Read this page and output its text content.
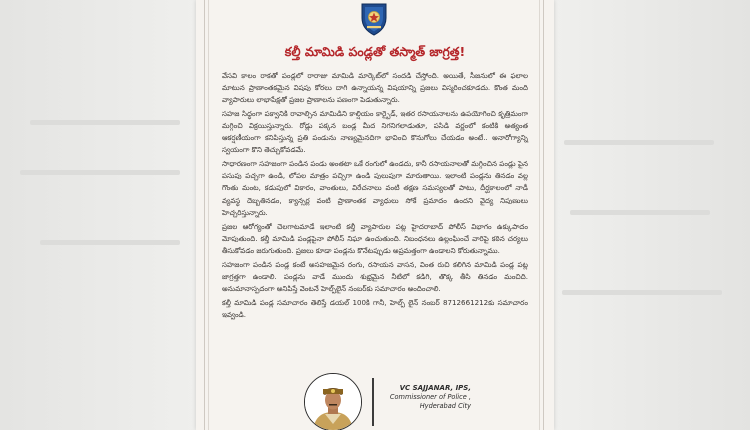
కల్తీ మామిడి పండ్లతో తస్మాత్ జాగ్రత్త!

వేసవి కాలం రాకతో పండ్లలో రారాజు మామిడి మార్కెట్‌లో సందడి చేస్తోంది. అయితే, సీజనులో ఈ ఫలాల మాటున ప్రాణాంతకమైన విషపు కోరలు దాగి ఉన్నాయన్న విషయాన్ని ప్రజలు విస్మరించకూడదు. కొంత మంది వ్యాపారులు లాభాపేక్షతో ప్రజల ప్రాణాలను పణంగా పెడుతున్నారు.

సహజ సిద్ధంగా పక్వానికి రావాల్సిన మామిడిని కాల్షియం కార్బైడ్, ఇతర రసాయనాలను ఉపయోగించి కృత్రిమంగా మగ్గించి విక్రయిస్తున్నారు. రోడ్లు పక్కన బండ్ల మీద నిగనిగలాడుతూ, పసిడి వర్ణంలో కంటికి అత్యంత ఆకర్షణీయంగా కనిపిస్తున్న ప్రతి పండును నాణ్యమైనదిగా భావించి కొనుగోలు చేయడం అంటే.. అనారోగ్యాన్ని స్వయంగా కొని తెచ్చుకోవడమే.

సాధారణంగా సహజంగా పండిన పండు అంతటా ఒకే రంగులో ఉండదు, కానీ రసాయనాలతో మగ్గించిన పండ్లు పైన పసుపు పచ్చగా ఉండి, లోపల మాత్రం పచ్చిగా ఉండి పులుపుగా మారుతాయి. ఇలాంటి పండ్లను తినడం వల్ల గొంతు మంట, కడుపులో వికారం, వాంతులు, విరేచనాలు వంటి తక్షణ సమస్యలతో పాటు, దీర్ఘకాలంలో నాడీ వ్యవస్థ దెబ్బతినడం, క్యాన్సర్ల వంటి ప్రాణాంతక వ్యాధులు సోకే ప్రమాదం ఉందని వైద్య నిపుణులు హెచ్చరిస్తున్నారు.

ప్రజల ఆరోగ్యంతో చెలగాటమాడే ఇలాంటి కల్తీ వ్యాపారుల పట్ల హైదరాబాద్ పోలీస్ విభాగం ఉక్కుపాదం మోపుతుంది. కల్తీ మామిడి పండ్లపైనా పోలీస్ నిఘా ఉంచుతుంది. నిబంధనలు ఉల్లంఘించే వారిపై కఠిన చర్యలు తీసుకోవడం జరుగుతుంది. ప్రజలు కూడా పండ్లను కొనేటప్పుడు అప్రమత్తంగా ఉండాలని కోరుతున్నాము.

సహజంగా పండిన పండ్ల కంటే అసహజమైన రంగు, రసాయన వాసన, వింత రుచి కలిగిన మామిడి పండ్ల పట్ల జాగ్రత్తగా ఉండాలి. పండ్లను వాడే ముందు శుభ్రమైన నీటిలో కడిగి, తొక్క తీసి తినడం మంచిది. అనుమానాస్పదంగా అనిపిస్తే వెంటనే హెల్ప్‌లైన్ నంబర్‌కు సమాచారం అందించాలి.

కల్తీ మామిడి పండ్ల సమాచారం తెలిస్తే డయల్ 100కి గానీ, హెల్ప్ లైన్ నంబర్ 8712661212కు సమాచారం ఇవ్వండి.

VC SAJJANAR, IPS,
Commissioner of Police ,
Hyderabad City
